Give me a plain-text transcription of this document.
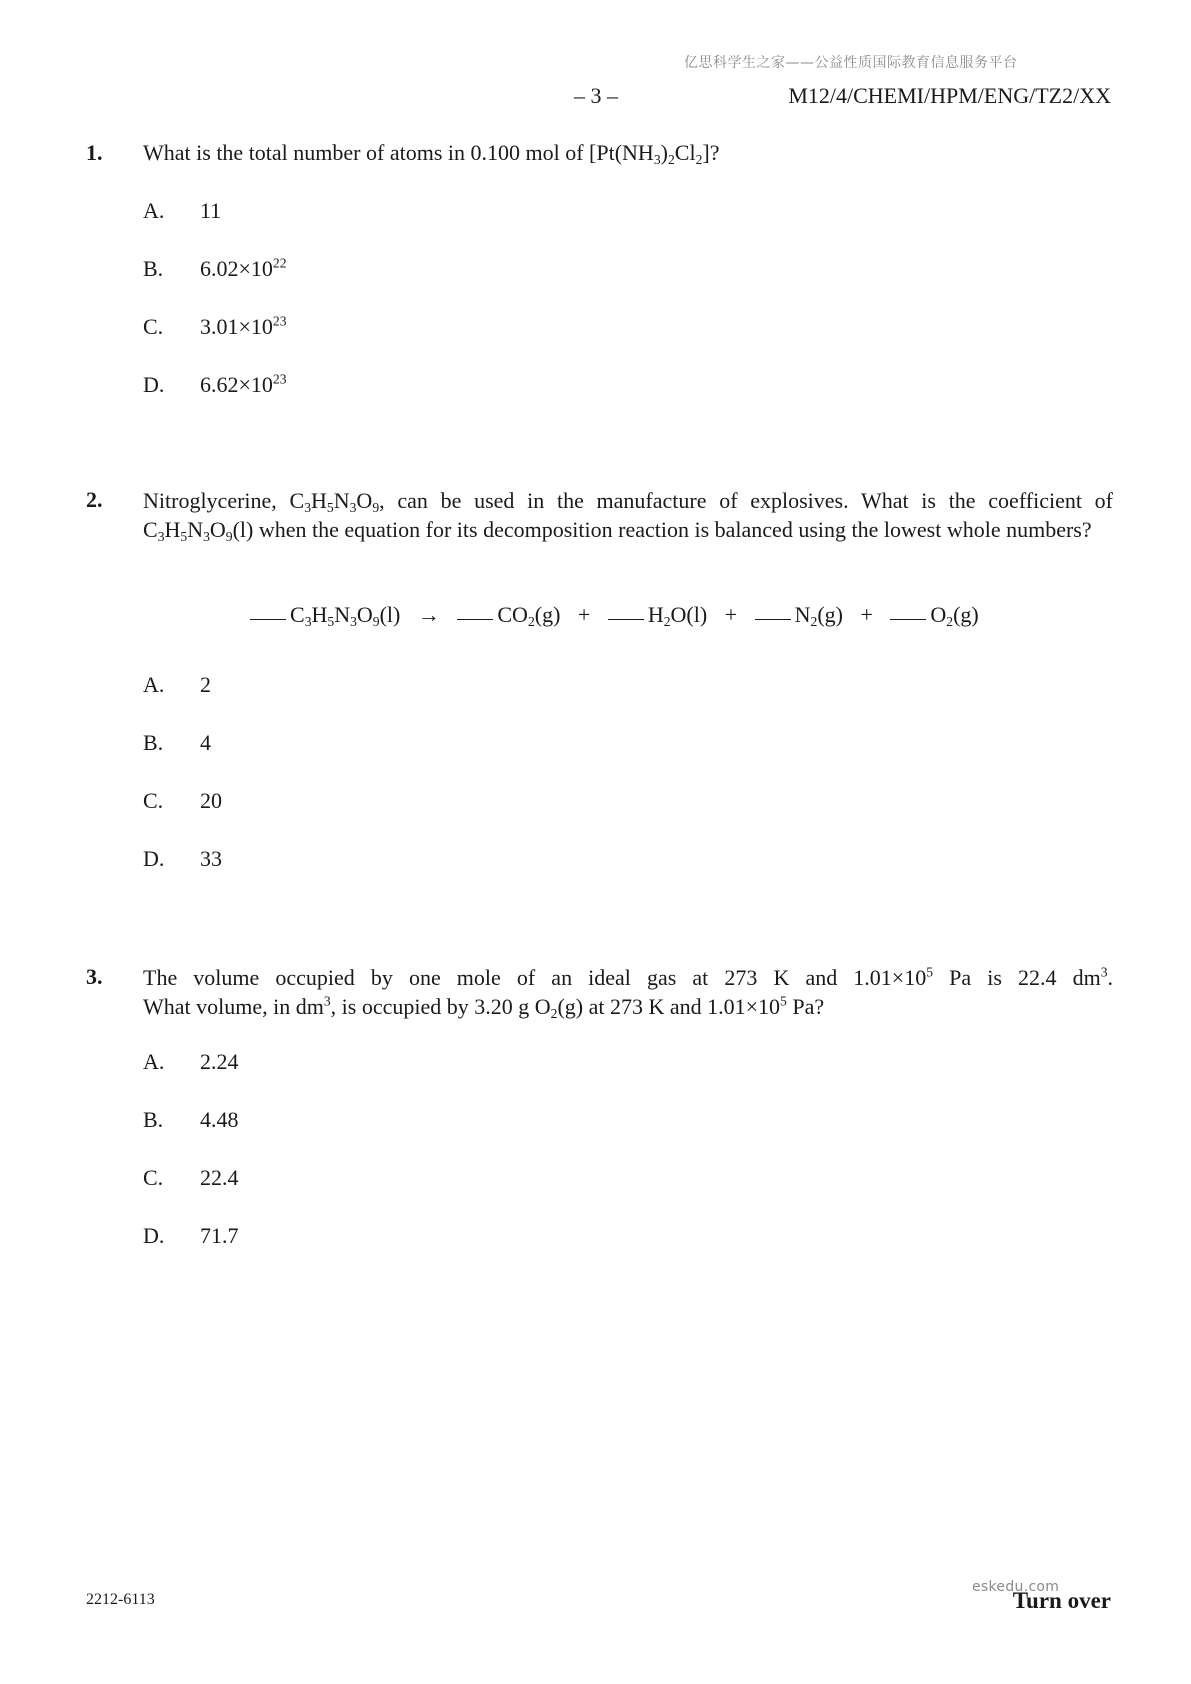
亿思科学生之家——公益性质国际教育信息服务平台
– 3 –	M12/4/CHEMI/HPM/ENG/TZ2/XX
1. What is the total number of atoms in 0.100 mol of $[Pt(NH_3)_2Cl_2]$?
A. 11
B. $6.02\times 10^{22}$
C. $3.01\times 10^{23}$
D. $6.62\times 10^{23}$
2. Nitroglycerine, $C_3H_5N_3O_9$, can be used in the manufacture of explosives. What is the coefficient of $C_3H_5N_3O_9(l)$ when the equation for its decomposition reaction is balanced using the lowest whole numbers?
$C_3H_5N_3O_9(l)$ →	$CO_2(g)$ +	$H_2O(l)$ +	$N_2(g)$ +	$O_2(g)$
A. 2
B. 4
C. 20
D. 33
3. The volume occupied by one mole of an ideal gas at 273 K and $1.01\times 10^5$ Pa is 22.4 $dm^3$.
What volume, in $dm^3$, is occupied by 3.20 g $O_2(g)$ at 273 K and $1.01\times 10^5$ Pa?
A. 2.24
B. 4.48
C. 22.4
D. 71.7
2212-6113
eskedu.com
Turn over
